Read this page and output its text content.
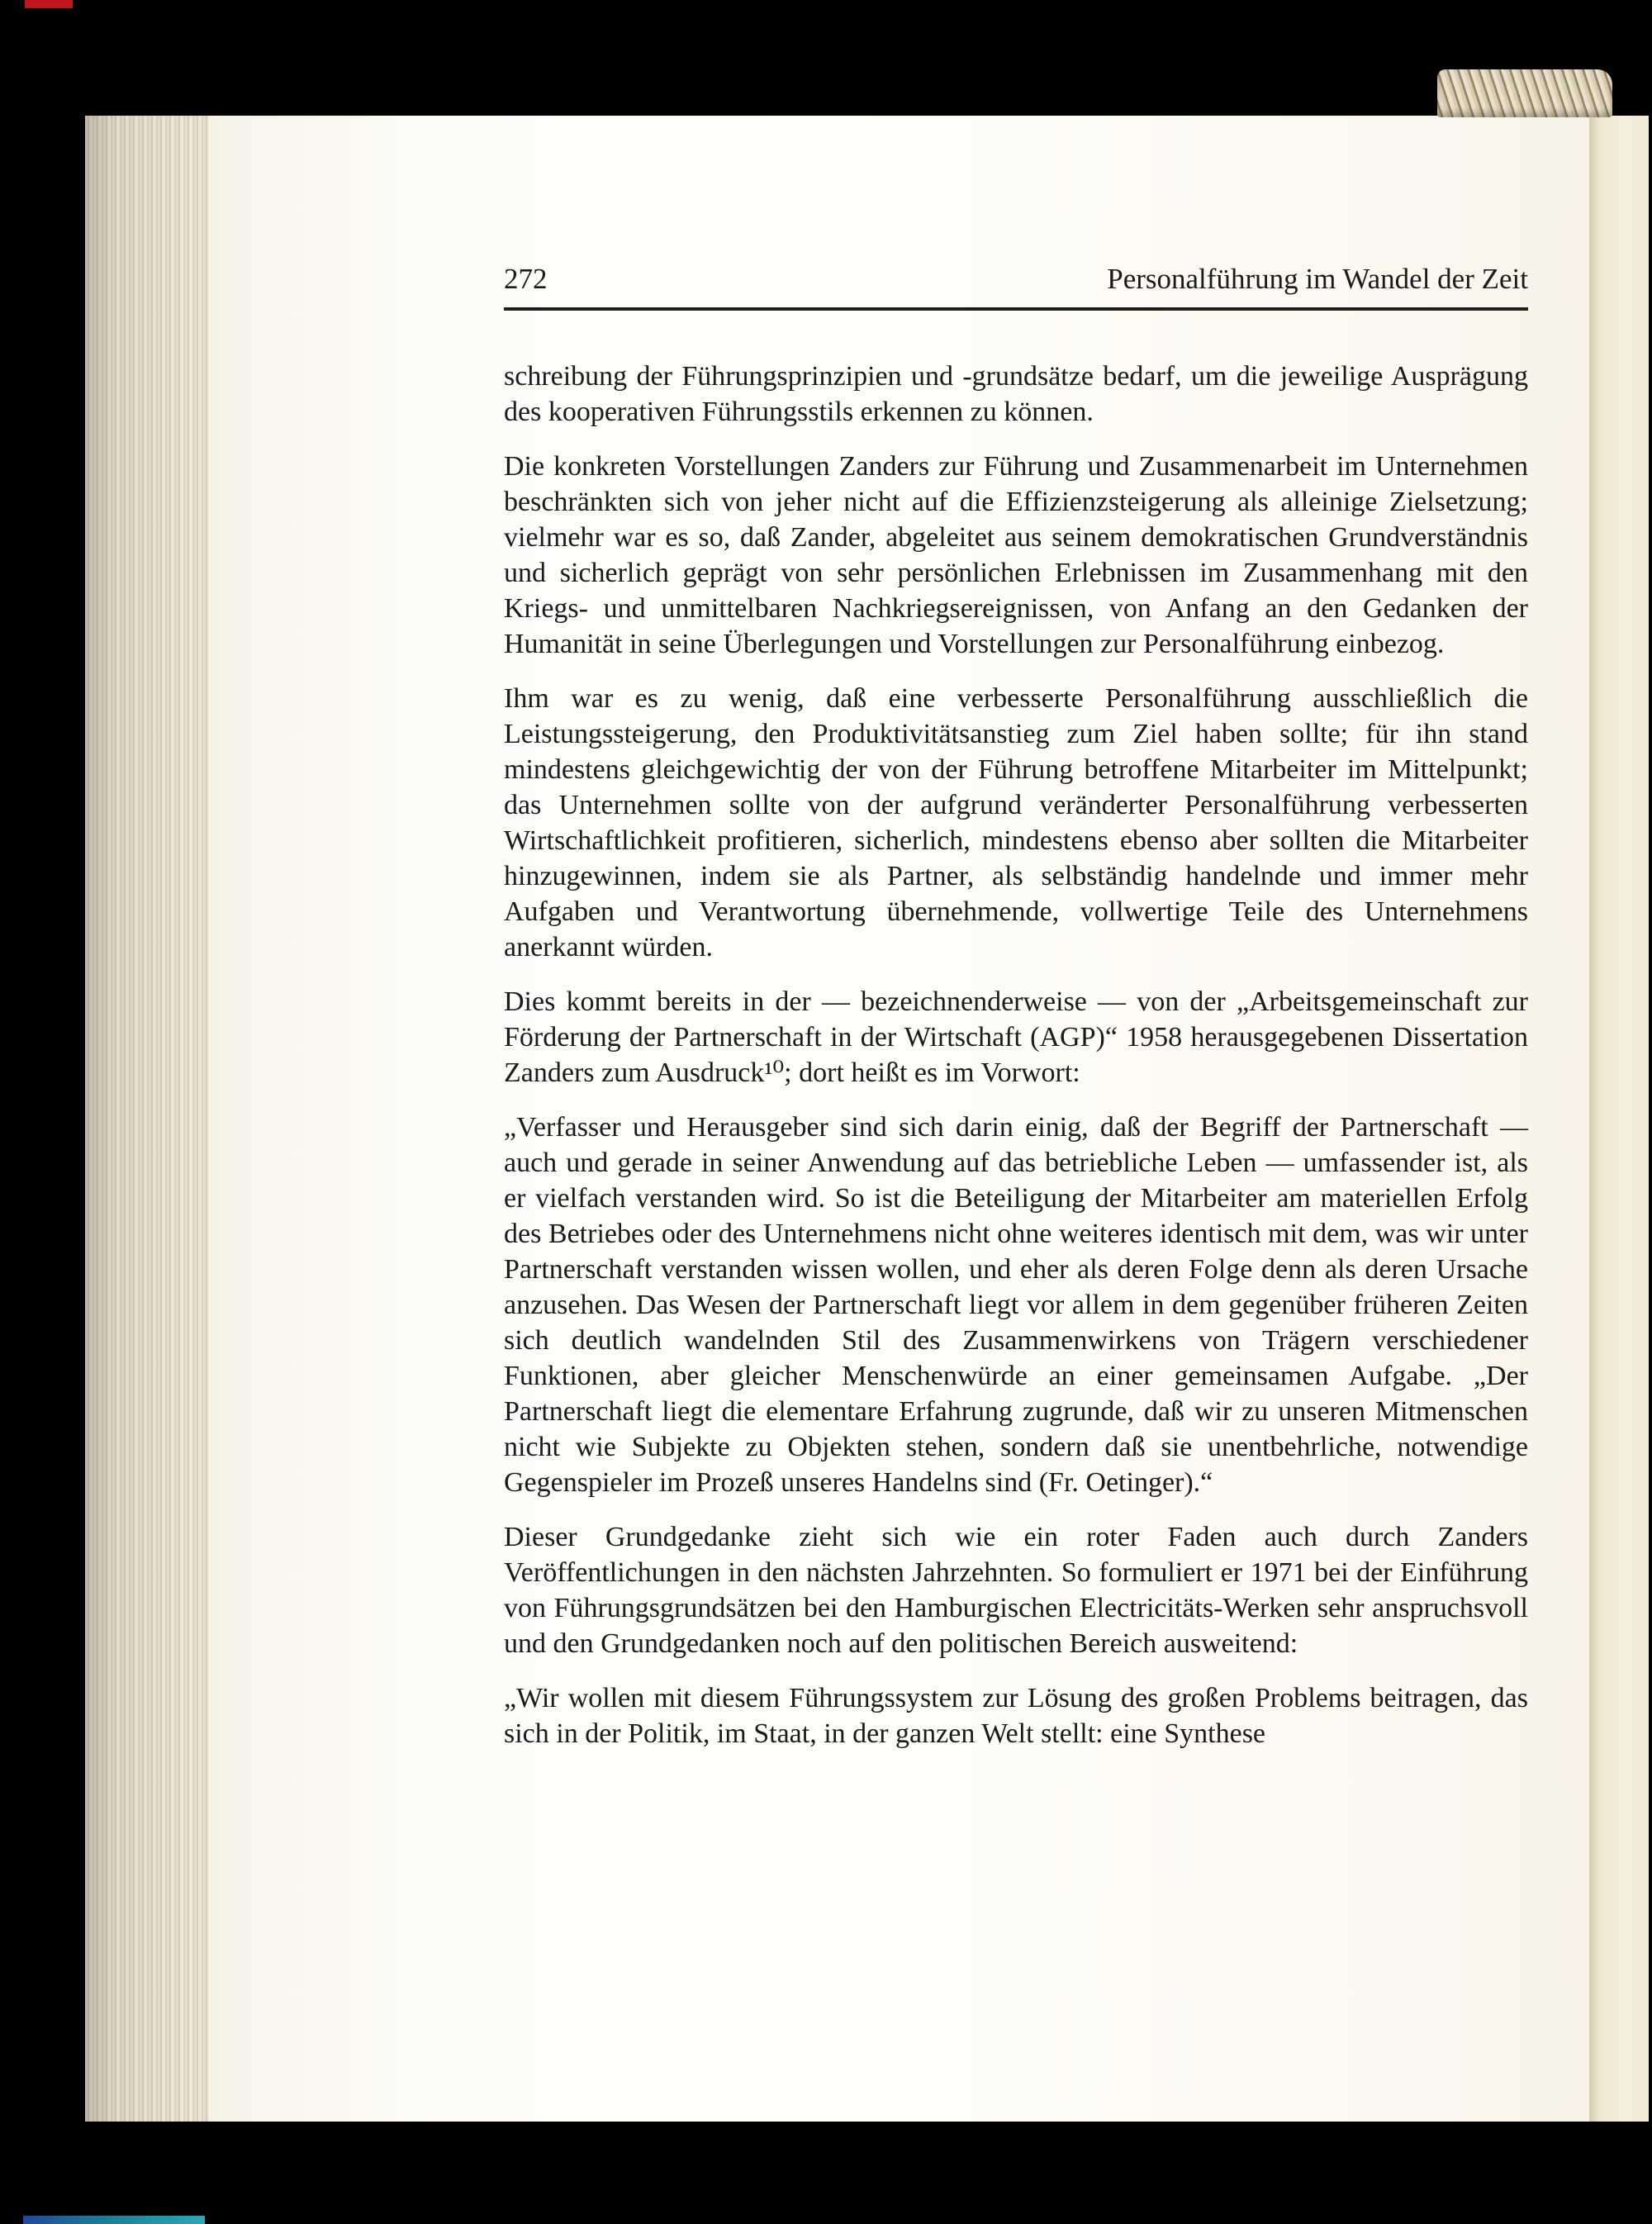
272	Personalführung im Wandel der Zeit

schreibung der Führungsprinzipien und -grundsätze bedarf, um die jeweilige Ausprägung des kooperativen Führungsstils erkennen zu können.

Die konkreten Vorstellungen Zanders zur Führung und Zusammenarbeit im Unternehmen beschränkten sich von jeher nicht auf die Effizienzsteigerung als alleinige Zielsetzung; vielmehr war es so, daß Zander, abgeleitet aus seinem demokratischen Grundverständnis und sicherlich geprägt von sehr persönlichen Erlebnissen im Zusammenhang mit den Kriegs- und unmittelbaren Nachkriegsereignissen, von Anfang an den Gedanken der Humanität in seine Überlegungen und Vorstellungen zur Personalführung einbezog.

Ihm war es zu wenig, daß eine verbesserte Personalführung ausschließlich die Leistungssteigerung, den Produktivitätsanstieg zum Ziel haben sollte; für ihn stand mindestens gleichgewichtig der von der Führung betroffene Mitarbeiter im Mittelpunkt; das Unternehmen sollte von der aufgrund veränderter Personalführung verbesserten Wirtschaftlichkeit profitieren, sicherlich, mindestens ebenso aber sollten die Mitarbeiter hinzugewinnen, indem sie als Partner, als selbständig handelnde und immer mehr Aufgaben und Verantwortung übernehmende, vollwertige Teile des Unternehmens anerkannt würden.

Dies kommt bereits in der — bezeichnenderweise — von der „Arbeitsgemeinschaft zur Förderung der Partnerschaft in der Wirtschaft (AGP)“ 1958 herausgegebenen Dissertation Zanders zum Ausdruck¹⁰; dort heißt es im Vorwort:

„Verfasser und Herausgeber sind sich darin einig, daß der Begriff der Partnerschaft — auch und gerade in seiner Anwendung auf das betriebliche Leben — umfassender ist, als er vielfach verstanden wird. So ist die Beteiligung der Mitarbeiter am materiellen Erfolg des Betriebes oder des Unternehmens nicht ohne weiteres identisch mit dem, was wir unter Partnerschaft verstanden wissen wollen, und eher als deren Folge denn als deren Ursache anzusehen. Das Wesen der Partnerschaft liegt vor allem in dem gegenüber früheren Zeiten sich deutlich wandelnden Stil des Zusammenwirkens von Trägern verschiedener Funktionen, aber gleicher Menschenwürde an einer gemeinsamen Aufgabe. „Der Partnerschaft liegt die elementare Erfahrung zugrunde, daß wir zu unseren Mitmenschen nicht wie Subjekte zu Objekten stehen, sondern daß sie unentbehrliche, notwendige Gegenspieler im Prozeß unseres Handelns sind (Fr. Oetinger).“

Dieser Grundgedanke zieht sich wie ein roter Faden auch durch Zanders Veröffentlichungen in den nächsten Jahrzehnten. So formuliert er 1971 bei der Einführung von Führungsgrundsätzen bei den Hamburgischen Electricitäts-Werken sehr anspruchsvoll und den Grundgedanken noch auf den politischen Bereich ausweitend:

„Wir wollen mit diesem Führungssystem zur Lösung des großen Problems beitragen, das sich in der Politik, im Staat, in der ganzen Welt stellt: eine Synthese
